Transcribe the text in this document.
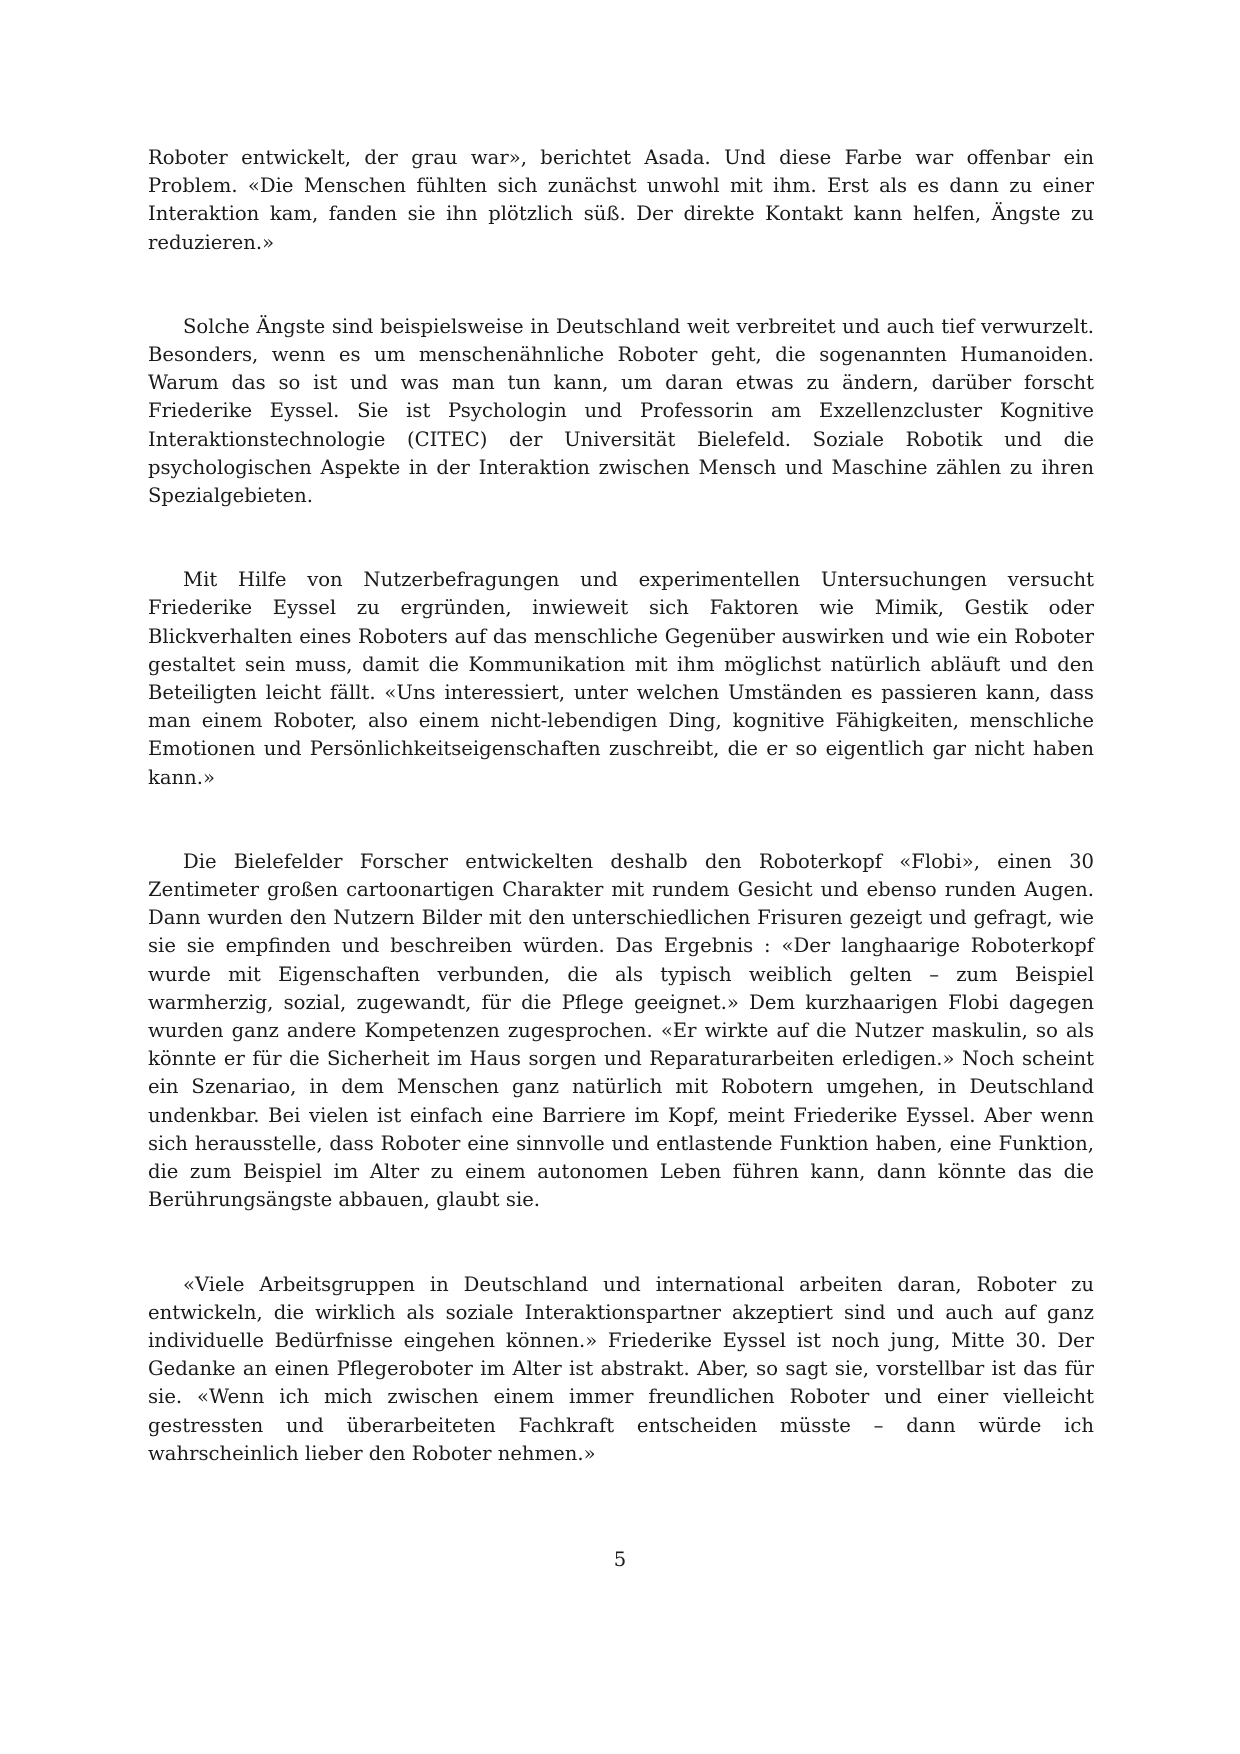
Roboter entwickelt, der grau war», berichtet Asada. Und diese Farbe war offenbar ein Problem. «Die Menschen fühlten sich zunächst unwohl mit ihm. Erst als es dann zu einer Interaktion kam, fanden sie ihn plötzlich süß. Der direkte Kontakt kann helfen, Ängste zu reduzieren.»

Solche Ängste sind beispielsweise in Deutschland weit verbreitet und auch tief verwurzelt. Besonders, wenn es um menschenähnliche Roboter geht, die sogenannten Humanoiden. Warum das so ist und was man tun kann, um daran etwas zu ändern, darüber forscht Friederike Eyssel. Sie ist Psychologin und Professorin am Exzellenzcluster Kognitive Interaktionstechnologie (CITEC) der Universität Bielefeld. Soziale Robotik und die psychologischen Aspekte in der Interaktion zwischen Mensch und Maschine zählen zu ihren Spezialgebieten.

Mit Hilfe von Nutzerbefragungen und experimentellen Untersuchungen versucht Friederike Eyssel zu ergründen, inwieweit sich Faktoren wie Mimik, Gestik oder Blickverhalten eines Roboters auf das menschliche Gegenüber auswirken und wie ein Roboter gestaltet sein muss, damit die Kommunikation mit ihm möglichst natürlich abläuft und den Beteiligten leicht fällt. «Uns interessiert, unter welchen Umständen es passieren kann, dass man einem Roboter, also einem nicht-lebendigen Ding, kognitive Fähigkeiten, menschliche Emotionen und Persönlichkeitseigenschaften zuschreibt, die er so eigentlich gar nicht haben kann.»

Die Bielefelder Forscher entwickelten deshalb den Roboterkopf «Flobi», einen 30 Zentimeter großen cartoonartigen Charakter mit rundem Gesicht und ebenso runden Augen. Dann wurden den Nutzern Bilder mit den unterschiedlichen Frisuren gezeigt und gefragt, wie sie sie empfinden und beschreiben würden. Das Ergebnis : «Der langhaarige Roboterkopf wurde mit Eigenschaften verbunden, die als typisch weiblich gelten – zum Beispiel warmherzig, sozial, zugewandt, für die Pflege geeignet.» Dem kurzhaarigen Flobi dagegen wurden ganz andere Kompetenzen zugesprochen. «Er wirkte auf die Nutzer maskulin, so als könnte er für die Sicherheit im Haus sorgen und Reparaturarbeiten erledigen.» Noch scheint ein Szenariao, in dem Menschen ganz natürlich mit Robotern umgehen, in Deutschland undenkbar. Bei vielen ist einfach eine Barriere im Kopf, meint Friederike Eyssel. Aber wenn sich herausstelle, dass Roboter eine sinnvolle und entlastende Funktion haben, eine Funktion, die zum Beispiel im Alter zu einem autonomen Leben führen kann, dann könnte das die Berührungsängste abbauen, glaubt sie.

«Viele Arbeitsgruppen in Deutschland und international arbeiten daran, Roboter zu entwickeln, die wirklich als soziale Interaktionspartner akzeptiert sind und auch auf ganz individuelle Bedürfnisse eingehen können.» Friederike Eyssel ist noch jung, Mitte 30. Der Gedanke an einen Pflegeroboter im Alter ist abstrakt. Aber, so sagt sie, vorstellbar ist das für sie. «Wenn ich mich zwischen einem immer freundlichen Roboter und einer vielleicht gestressten und überarbeiteten Fachkraft entscheiden müsste – dann würde ich wahrscheinlich lieber den Roboter nehmen.»

5
